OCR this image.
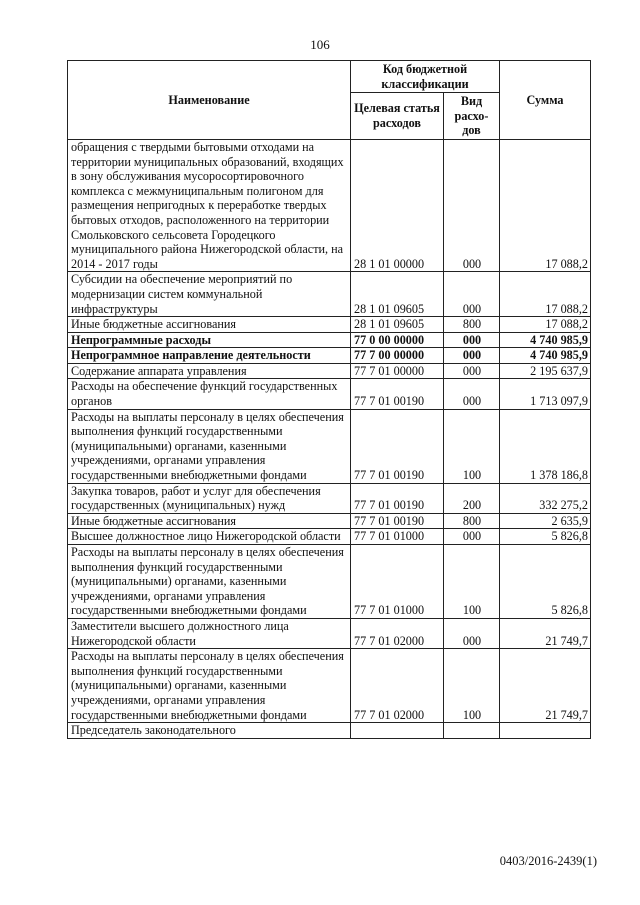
106
Наименование	Код бюджетной классификации		Сумма
	Целевая статья расходов	Вид расхо-дов	
обращения с твердыми бытовыми отходами на территории муниципальных образований, входящих в зону обслуживания мусоросортировочного комплекса с межмуниципальным полигоном для размещения непригодных к переработке твердых бытовых отходов, расположенного на территории Смольковского сельсовета Городецкого муниципального района Нижегородской области, на 2014 - 2017 годы	28 1 01 00000	000	17 088,2
Субсидии на обеспечение мероприятий по модернизации систем коммунальной инфраструктуры	28 1 01 09605	000	17 088,2
Иные бюджетные ассигнования	28 1 01 09605	800	17 088,2
Непрограммные расходы	77 0 00 00000	000	4 740 985,9
Непрограммное направление деятельности	77 7 00 00000	000	4 740 985,9
Содержание аппарата управления	77 7 01 00000	000	2 195 637,9
Расходы на обеспечение функций государственных органов	77 7 01 00190	000	1 713 097,9
Расходы на выплаты персоналу в целях обеспечения выполнения функций государственными (муниципальными) органами, казенными учреждениями, органами управления государственными внебюджетными фондами	77 7 01 00190	100	1 378 186,8
Закупка товаров, работ и услуг для обеспечения государственных (муниципальных) нужд	77 7 01 00190	200	332 275,2
Иные бюджетные ассигнования	77 7 01 00190	800	2 635,9
Высшее должностное лицо Нижегородской области	77 7 01 01000	000	5 826,8
Расходы на выплаты персоналу в целях обеспечения выполнения функций государственными (муниципальными) органами, казенными учреждениями, органами управления государственными внебюджетными фондами	77 7 01 01000	100	5 826,8
Заместители высшего должностного лица Нижегородской области	77 7 01 02000	000	21 749,7
Расходы на выплаты персоналу в целях обеспечения выполнения функций государственными (муниципальными) органами, казенными учреждениями, органами управления государственными внебюджетными фондами	77 7 01 02000	100	21 749,7
Председатель законодательного			
0403/2016-2439(1)
